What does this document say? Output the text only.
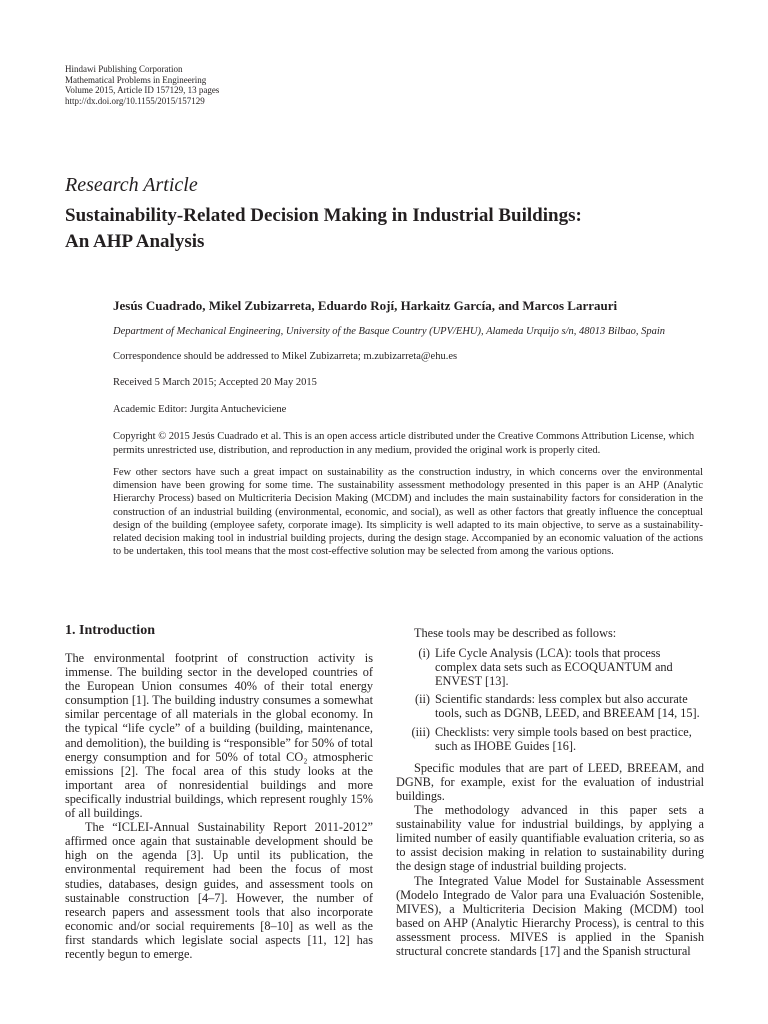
Hindawi Publishing Corporation
Mathematical Problems in Engineering
Volume 2015, Article ID 157129, 13 pages
http://dx.doi.org/10.1155/2015/157129
Research Article
Sustainability-Related Decision Making in Industrial Buildings:
An AHP Analysis
Jesús Cuadrado, Mikel Zubizarreta, Eduardo Rojí, Harkaitz García, and Marcos Larrauri
Department of Mechanical Engineering, University of the Basque Country (UPV/EHU), Alameda Urquijo s/n, 48013 Bilbao, Spain
Correspondence should be addressed to Mikel Zubizarreta; m.zubizarreta@ehu.es
Received 5 March 2015; Accepted 20 May 2015
Academic Editor: Jurgita Antucheviciene
Copyright © 2015 Jesús Cuadrado et al. This is an open access article distributed under the Creative Commons Attribution License, which permits unrestricted use, distribution, and reproduction in any medium, provided the original work is properly cited.
Few other sectors have such a great impact on sustainability as the construction industry, in which concerns over the environmental dimension have been growing for some time. The sustainability assessment methodology presented in this paper is an AHP (Analytic Hierarchy Process) based on Multicriteria Decision Making (MCDM) and includes the main sustainability factors for consideration in the construction of an industrial building (environmental, economic, and social), as well as other factors that greatly influence the conceptual design of the building (employee safety, corporate image). Its simplicity is well adapted to its main objective, to serve as a sustainability-related decision making tool in industrial building projects, during the design stage. Accompanied by an economic valuation of the actions to be undertaken, this tool means that the most cost-effective solution may be selected from among the various options.
1. Introduction

The environmental footprint of construction activity is immense. The building sector in the developed countries of the European Union consumes 40% of their total energy consumption [1]. The building industry consumes a somewhat similar percentage of all materials in the global economy. In the typical “life cycle” of a building (building, maintenance, and demolition), the building is “responsible” for 50% of total energy consumption and for 50% of total CO₂ atmospheric emissions [2]. The focal area of this study looks at the important area of nonresidential buildings and more specifically industrial buildings, which represent roughly 15% of all buildings.

The “ICLEI-Annual Sustainability Report 2011-2012” affirmed once again that sustainable development should be high on the agenda [3]. Up until its publication, the environmental requirement had been the focus of most studies, databases, design guides, and assessment tools on sustainable construction [4–7]. However, the number of research papers and assessment tools that also incorporate economic and/or social requirements [8–10] as well as the first standards which legislate social aspects [11, 12] has recently begun to emerge.

These tools may be described as follows:

(i) Life Cycle Analysis (LCA): tools that process complex data sets such as ECOQUANTUM and ENVEST [13].
(ii) Scientific standards: less complex but also accurate tools, such as DGNB, LEED, and BREEAM [14, 15].
(iii) Checklists: very simple tools based on best practice, such as IHOBE Guides [16].

Specific modules that are part of LEED, BREEAM, and DGNB, for example, exist for the evaluation of industrial buildings.

The methodology advanced in this paper sets a sustainability value for industrial buildings, by applying a limited number of easily quantifiable evaluation criteria, so as to assist decision making in relation to sustainability during the design stage of industrial building projects.

The Integrated Value Model for Sustainable Assessment (Modelo Integrado de Valor para una Evaluación Sostenible, MIVES), a Multicriteria Decision Making (MCDM) tool based on AHP (Analytic Hierarchy Process), is central to this assessment process. MIVES is applied in the Spanish structural concrete standards [17] and the Spanish structural
